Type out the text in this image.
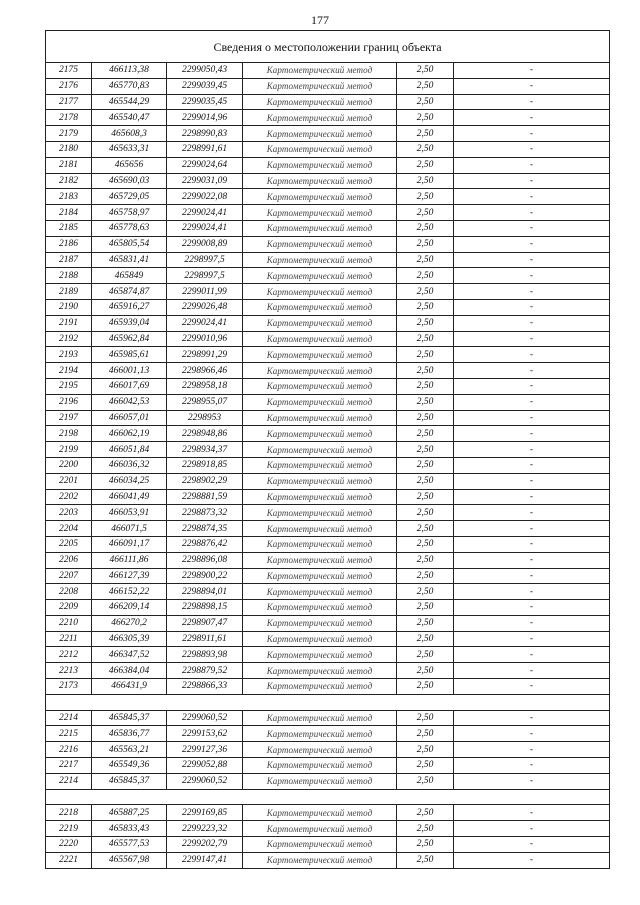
177
Сведения о местоположении границ объекта					
2175	466113,38	2299050,43	Картометрический метод	2,50	-
2176	465770,83	2299039,45	Картометрический метод	2,50	-
2177	465544,29	2299035,45	Картометрический метод	2,50	-
2178	465540,47	2299014,96	Картометрический метод	2,50	-
2179	465608,3	2298990,83	Картометрический метод	2,50	-
2180	465633,31	2298991,61	Картометрический метод	2,50	-
2181	465656	2299024,64	Картометрический метод	2,50	-
2182	465690,03	2299031,09	Картометрический метод	2,50	-
2183	465729,05	2299022,08	Картометрический метод	2,50	-
2184	465758,97	2299024,41	Картометрический метод	2,50	-
2185	465778,63	2299024,41	Картометрический метод	2,50	-
2186	465805,54	2299008,89	Картометрический метод	2,50	-
2187	465831,41	2298997,5	Картометрический метод	2,50	-
2188	465849	2298997,5	Картометрический метод	2,50	-
2189	465874,87	2299011,99	Картометрический метод	2,50	-
2190	465916,27	2299026,48	Картометрический метод	2,50	-
2191	465939,04	2299024,41	Картометрический метод	2,50	-
2192	465962,84	2299010,96	Картометрический метод	2,50	-
2193	465985,61	2298991,29	Картометрический метод	2,50	-
2194	466001,13	2298966,46	Картометрический метод	2,50	-
2195	466017,69	2298958,18	Картометрический метод	2,50	-
2196	466042,53	2298955,07	Картометрический метод	2,50	-
2197	466057,01	2298953	Картометрический метод	2,50	-
2198	466062,19	2298948,86	Картометрический метод	2,50	-
2199	466051,84	2298934,37	Картометрический метод	2,50	-
2200	466036,32	2298918,85	Картометрический метод	2,50	-
2201	466034,25	2298902,29	Картометрический метод	2,50	-
2202	466041,49	2298881,59	Картометрический метод	2,50	-
2203	466053,91	2298873,32	Картометрический метод	2,50	-
2204	466071,5	2298874,35	Картометрический метод	2,50	-
2205	466091,17	2298876,42	Картометрический метод	2,50	-
2206	466111,86	2298896,08	Картометрический метод	2,50	-
2207	466127,39	2298900,22	Картометрический метод	2,50	-
2208	466152,22	2298894,01	Картометрический метод	2,50	-
2209	466209,14	2298898,15	Картометрический метод	2,50	-
2210	466270,2	2298907,47	Картометрический метод	2,50	-
2211	466305,39	2298911,61	Картометрический метод	2,50	-
2212	466347,52	2298893,98	Картометрический метод	2,50	-
2213	466384,04	2298879,52	Картометрический метод	2,50	-
2173	466431,9	2298866,33	Картометрический метод	2,50	-

2214	465845,37	2299060,52	Картометрический метод	2,50	-
2215	465836,77	2299153,62	Картометрический метод	2,50	-
2216	465563,21	2299127,36	Картометрический метод	2,50	-
2217	465549,36	2299052,88	Картометрический метод	2,50	-
2214	465845,37	2299060,52	Картометрический метод	2,50	-

2218	465887,25	2299169,85	Картометрический метод	2,50	-
2219	465833,43	2299223,32	Картометрический метод	2,50	-
2220	465577,53	2299202,79	Картометрический метод	2,50	-
2221	465567,98	2299147,41	Картометрический метод	2,50	-
